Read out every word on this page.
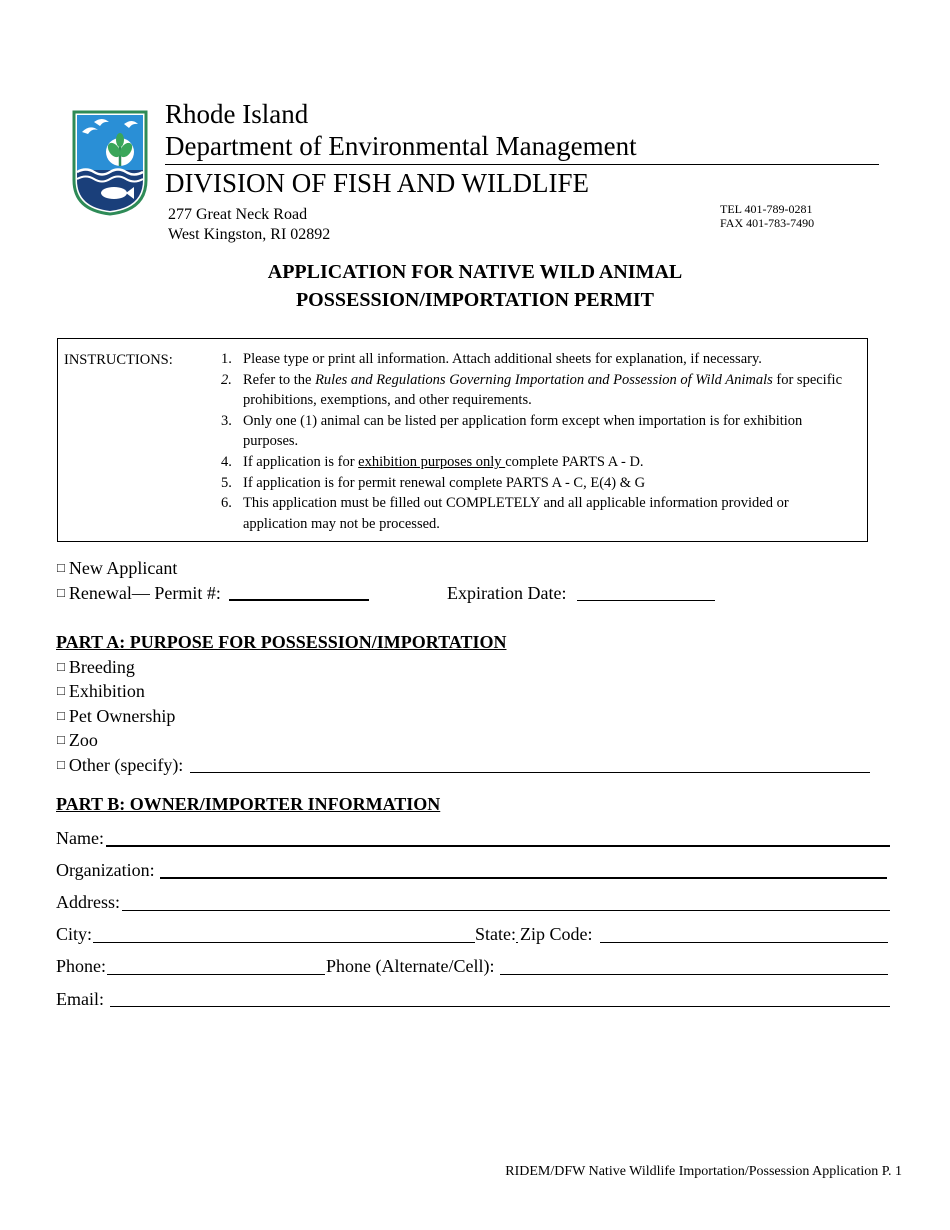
Rhode Island
Department of Environmental Management
DIVISION OF FISH AND WILDLIFE
277 Great Neck Road
West Kingston, RI 02892
TEL 401-789-0281
FAX 401-783-7490
APPLICATION FOR NATIVE WILD ANIMAL
POSSESSION/IMPORTATION PERMIT
INSTRUCTIONS:	1. Please type or print all information. Attach additional sheets for explanation, if necessary.
2. Refer to the Rules and Regulations Governing Importation and Possession of Wild Animals for specific prohibitions, exemptions, and other requirements.
3. Only one (1) animal can be listed per application form except when importation is for exhibition purposes.
4. If application is for exhibition purposes only complete PARTS A - D.
5. If application is for permit renewal complete PARTS A - C, E(4) & G
6. This application must be filled out COMPLETELY and all applicable information provided or application may not be processed.
□ New Applicant
□ Renewal— Permit #:	Expiration Date:
PART A: PURPOSE FOR POSSESSION/IMPORTATION
□ Breeding
□ Exhibition
□ Pet Ownership
□ Zoo
□ Other (specify):
PART B: OWNER/IMPORTER INFORMATION
Name:
Organization:
Address:
City:	State: Zip Code:
Phone:	Phone (Alternate/Cell):
Email:
RIDEM/DFW Native Wildlife Importation/Possession Application P. 1
